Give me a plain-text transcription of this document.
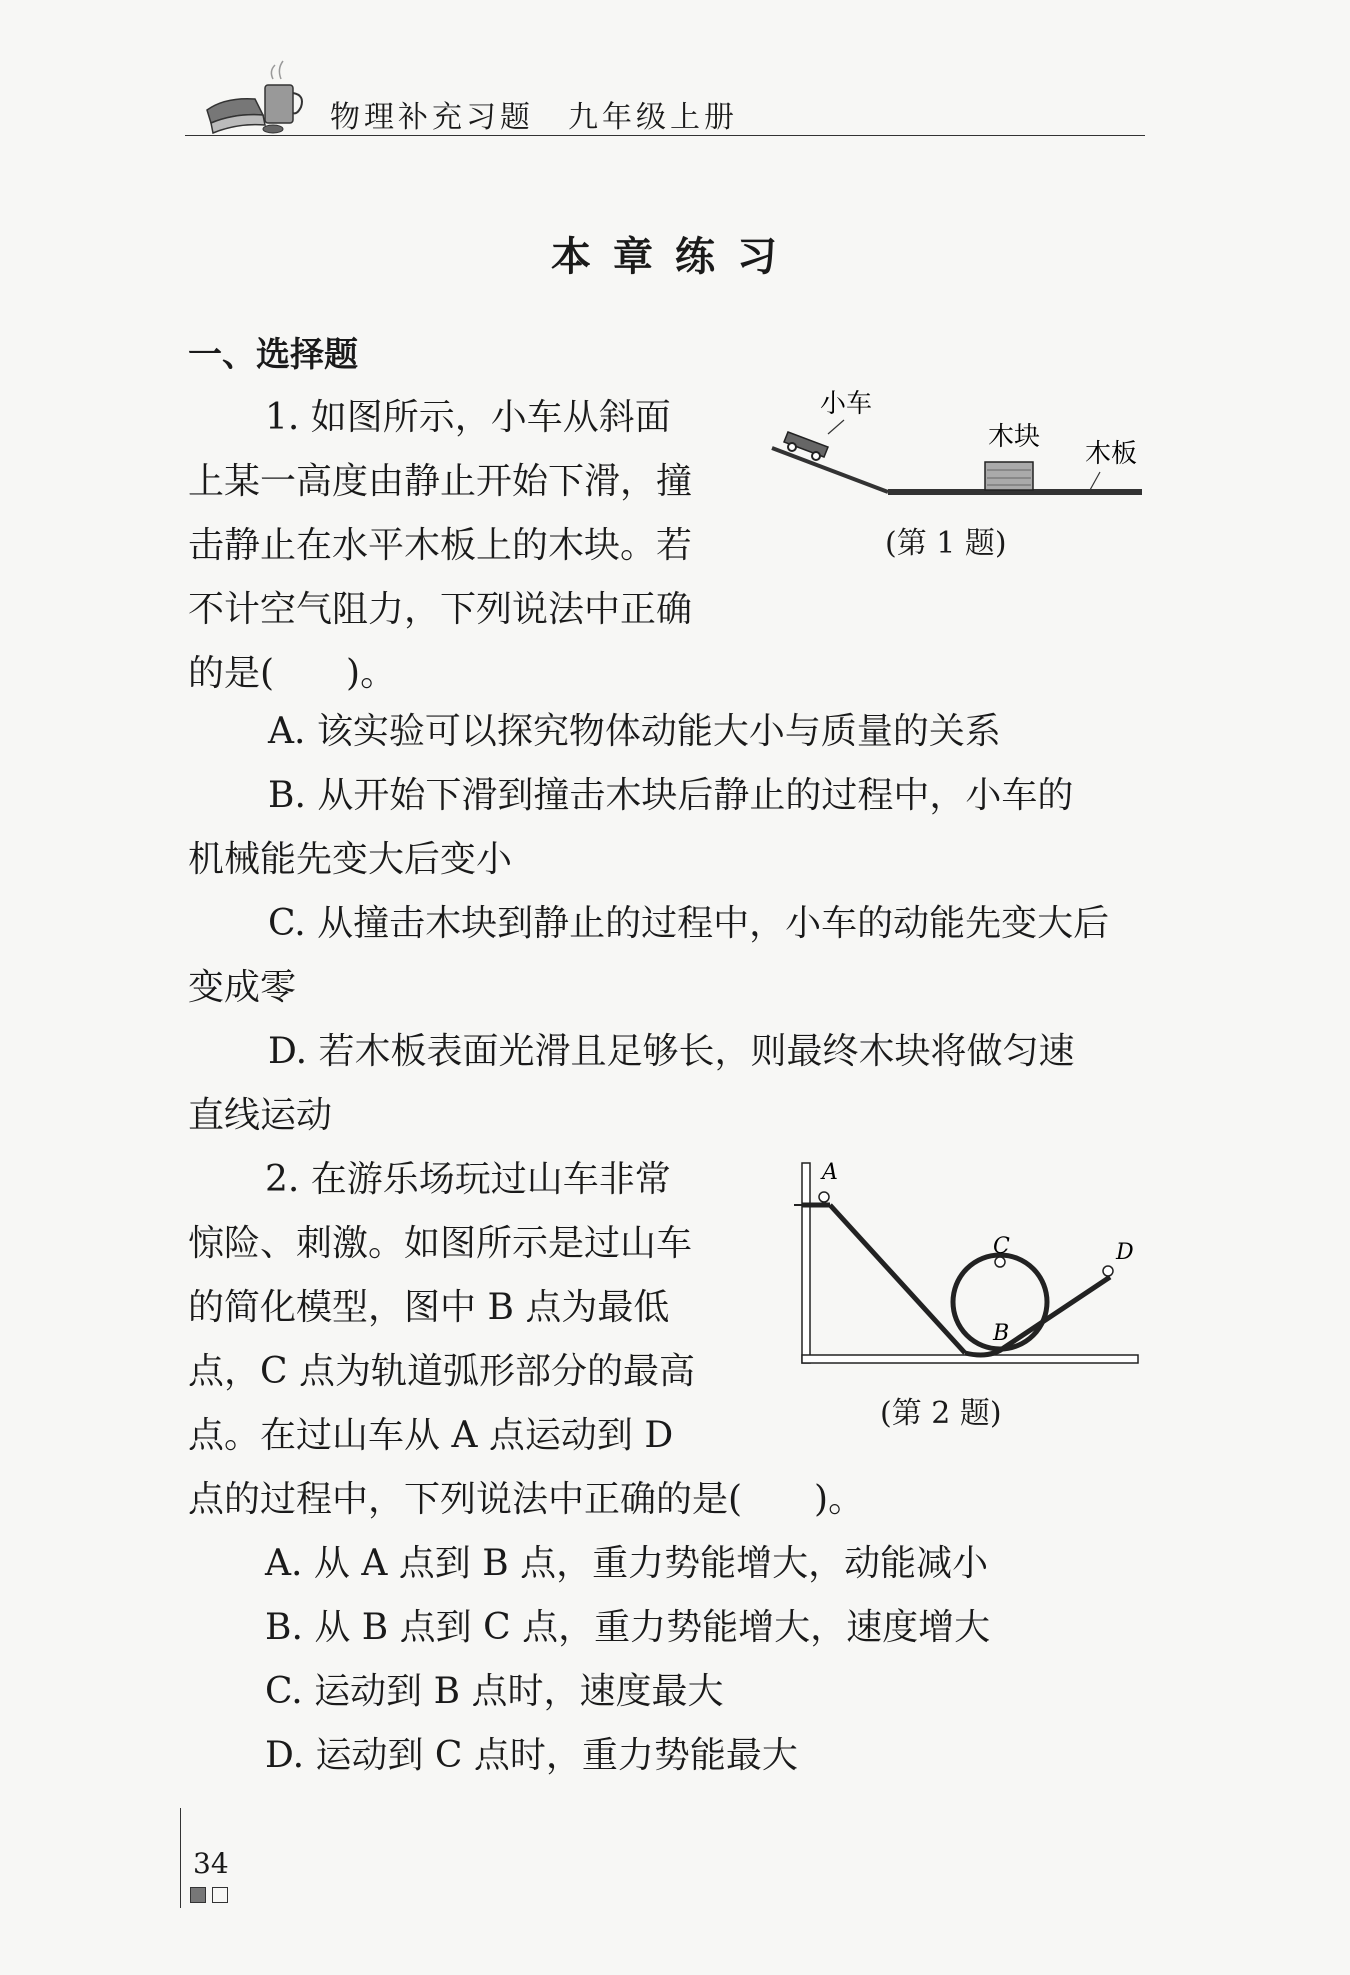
物理补充习题　九年级上册
本章练习
一、选择题
1. 如图所示，小车从斜面
上某一高度由静止开始下滑，撞
击静止在水平木板上的木块。若
不计空气阻力，下列说法中正确
的是(　　)。
小车
木块
木板
(第 1 题)
A. 该实验可以探究物体动能大小与质量的关系
B. 从开始下滑到撞击木块后静止的过程中，小车的
机械能先变大后变小
C. 从撞击木块到静止的过程中，小车的动能先变大后
变成零
D. 若木板表面光滑且足够长，则最终木块将做匀速
直线运动
2. 在游乐场玩过山车非常
惊险、刺激。如图所示是过山车
的简化模型，图中 B 点为最低
点，C 点为轨道弧形部分的最高
点。在过山车从 A 点运动到 D
点的过程中，下列说法中正确的是(　　)。
A
C
B
D
(第 2 题)
A. 从 A 点到 B 点，重力势能增大，动能减小
B. 从 B 点到 C 点，重力势能增大，速度增大
C. 运动到 B 点时，速度最大
D. 运动到 C 点时，重力势能最大
34
